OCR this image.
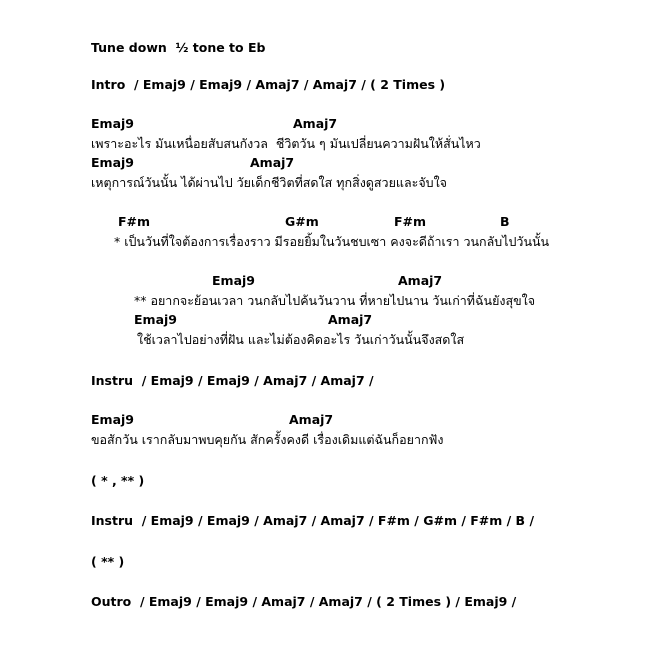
Tune down  ½ tone to Eb
Intro  / Emaj9 / Emaj9 / Amaj7 / Amaj7 / ( 2 Times )
Emaj9	Amaj7
เพราะอะไร มันเหนื่อยสับสนกังวล  ชีวิตวัน ๆ มันเปลี่ยนความฝันให้สั่นไหว
Emaj9	Amaj7
เหตุการณ์วันนั้น ได้ผ่านไป วัยเด็กชีวิตที่สดใส ทุกสิ่งดูสวยและจับใจ
F#m	G#m	F#m	B
* เป็นวันที่ใจต้องการเรื่องราว มีรอยยิ้มในวันชบเซา คงจะดีถ้าเรา วนกลับไปวันนั้น
Emaj9	Amaj7
** อยากจะย้อนเวลา วนกลับไปค้นวันวาน ที่หายไปนาน วันเก่าที่ฉันยังสุขใจ
Emaj9	Amaj7
ใช้เวลาไปอย่างที่ฝัน และไม่ต้องคิดอะไร วันเก่าวันนั้นจึงสดใส
Instru  / Emaj9 / Emaj9 / Amaj7 / Amaj7 /
Emaj9	Amaj7
ขอสักวัน เรากลับมาพบคุยกัน สักครั้งคงดี เรื่องเดิมแต่ฉันก็อยากฟัง
( * , ** )
Instru  / Emaj9 / Emaj9 / Amaj7 / Amaj7 / F#m / G#m / F#m / B /
( ** )
Outro  / Emaj9 / Emaj9 / Amaj7 / Amaj7 / ( 2 Times ) / Emaj9 /
